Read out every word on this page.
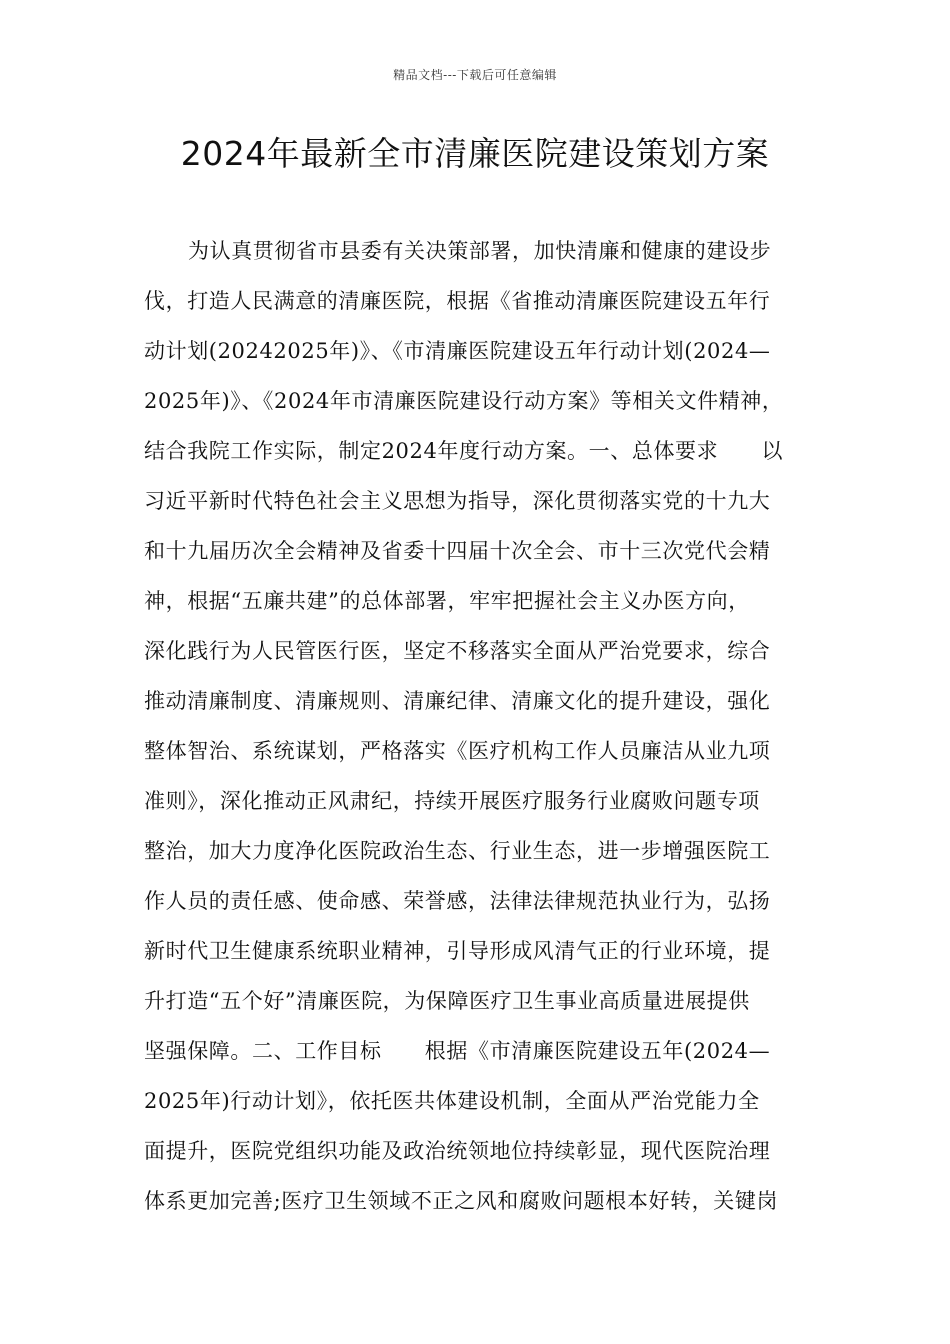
精品文档---下载后可任意编辑
2024年最新全市清廉医院建设策划方案
为认真贯彻省市县委有关决策部署，加快清廉和健康的建设步
伐，打造人民满意的清廉医院，根据《省推动清廉医院建设五年行
动计划(20242025年)》、《市清廉医院建设五年行动计划(2024—
2025年)》、《2024年市清廉医院建设行动方案》等相关文件精神，
结合我院工作实际，制定2024年度行动方案。一、总体要求　　以
习近平新时代特色社会主义思想为指导，深化贯彻落实党的十九大
和十九届历次全会精神及省委十四届十次全会、市十三次党代会精
神，根据“五廉共建”的总体部署，牢牢把握社会主义办医方向，
深化践行为人民管医行医，坚定不移落实全面从严治党要求，综合
推动清廉制度、清廉规则、清廉纪律、清廉文化的提升建设，强化
整体智治、系统谋划，严格落实《医疗机构工作人员廉洁从业九项
准则》，深化推动正风肃纪，持续开展医疗服务行业腐败问题专项
整治，加大力度净化医院政治生态、行业生态，进一步增强医院工
作人员的责任感、使命感、荣誉感，法律法律规范执业行为，弘扬
新时代卫生健康系统职业精神，引导形成风清气正的行业环境，提
升打造“五个好”清廉医院，为保障医疗卫生事业高质量进展提供
坚强保障。二、工作目标　　根据《市清廉医院建设五年(2024—
2025年)行动计划》，依托医共体建设机制，全面从严治党能力全
面提升，医院党组织功能及政治统领地位持续彰显，现代医院治理
体系更加完善;医疗卫生领域不正之风和腐败问题根本好转，关键岗
